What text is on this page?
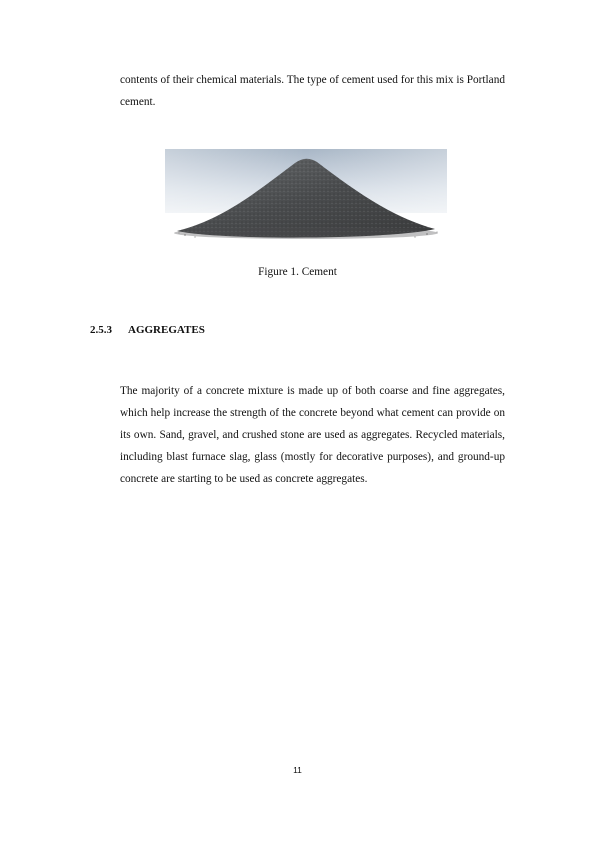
contents of their chemical materials. The type of cement used for this mix is Portland cement.

Figure 1. Cement
2.5.3 AGGREGATES

The majority of a concrete mixture is made up of both coarse and fine aggregates, which help increase the strength of the concrete beyond what cement can provide on its own. Sand, gravel, and crushed stone are used as aggregates. Recycled materials, including blast furnace slag, glass (mostly for decorative purposes), and ground-up concrete are starting to be used as concrete aggregates.

11
